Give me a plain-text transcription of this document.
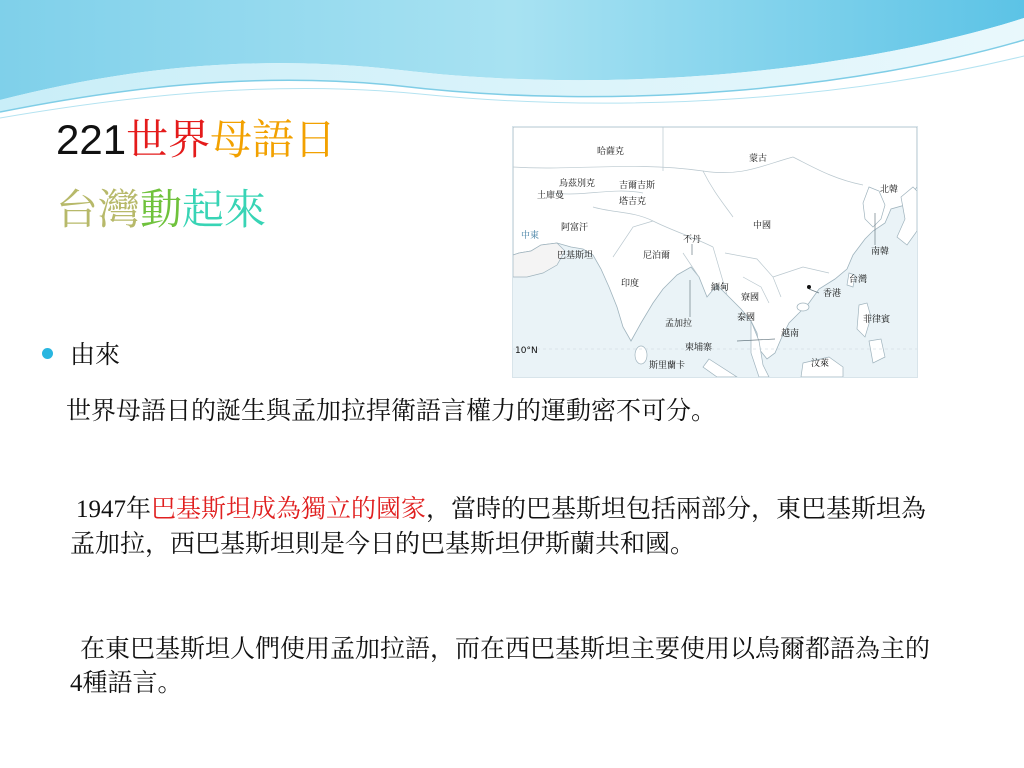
221世界母語日
台灣動起來
哈薩克
蒙古
烏茲別克	吉爾吉斯
土庫曼
塔吉克
北韓
阿富汗	中國
中東	不丹
南韓
巴基斯坦	尼泊爾
台灣
印度	緬甸
香港
寮國
泰國
孟加拉	菲律賓
越南
柬埔寨
10°N
斯里蘭卡	汶萊
由來
世界母語日的誕生與孟加拉捍衛語言權力的運動密不可分。
1947年巴基斯坦成為獨立的國家，當時的巴基斯坦包括兩部分，東巴基斯坦為孟加拉，西巴基斯坦則是今日的巴基斯坦伊斯蘭共和國。
在東巴基斯坦人們使用孟加拉語，而在西巴基斯坦主要使用以烏爾都語為主的4種語言。
